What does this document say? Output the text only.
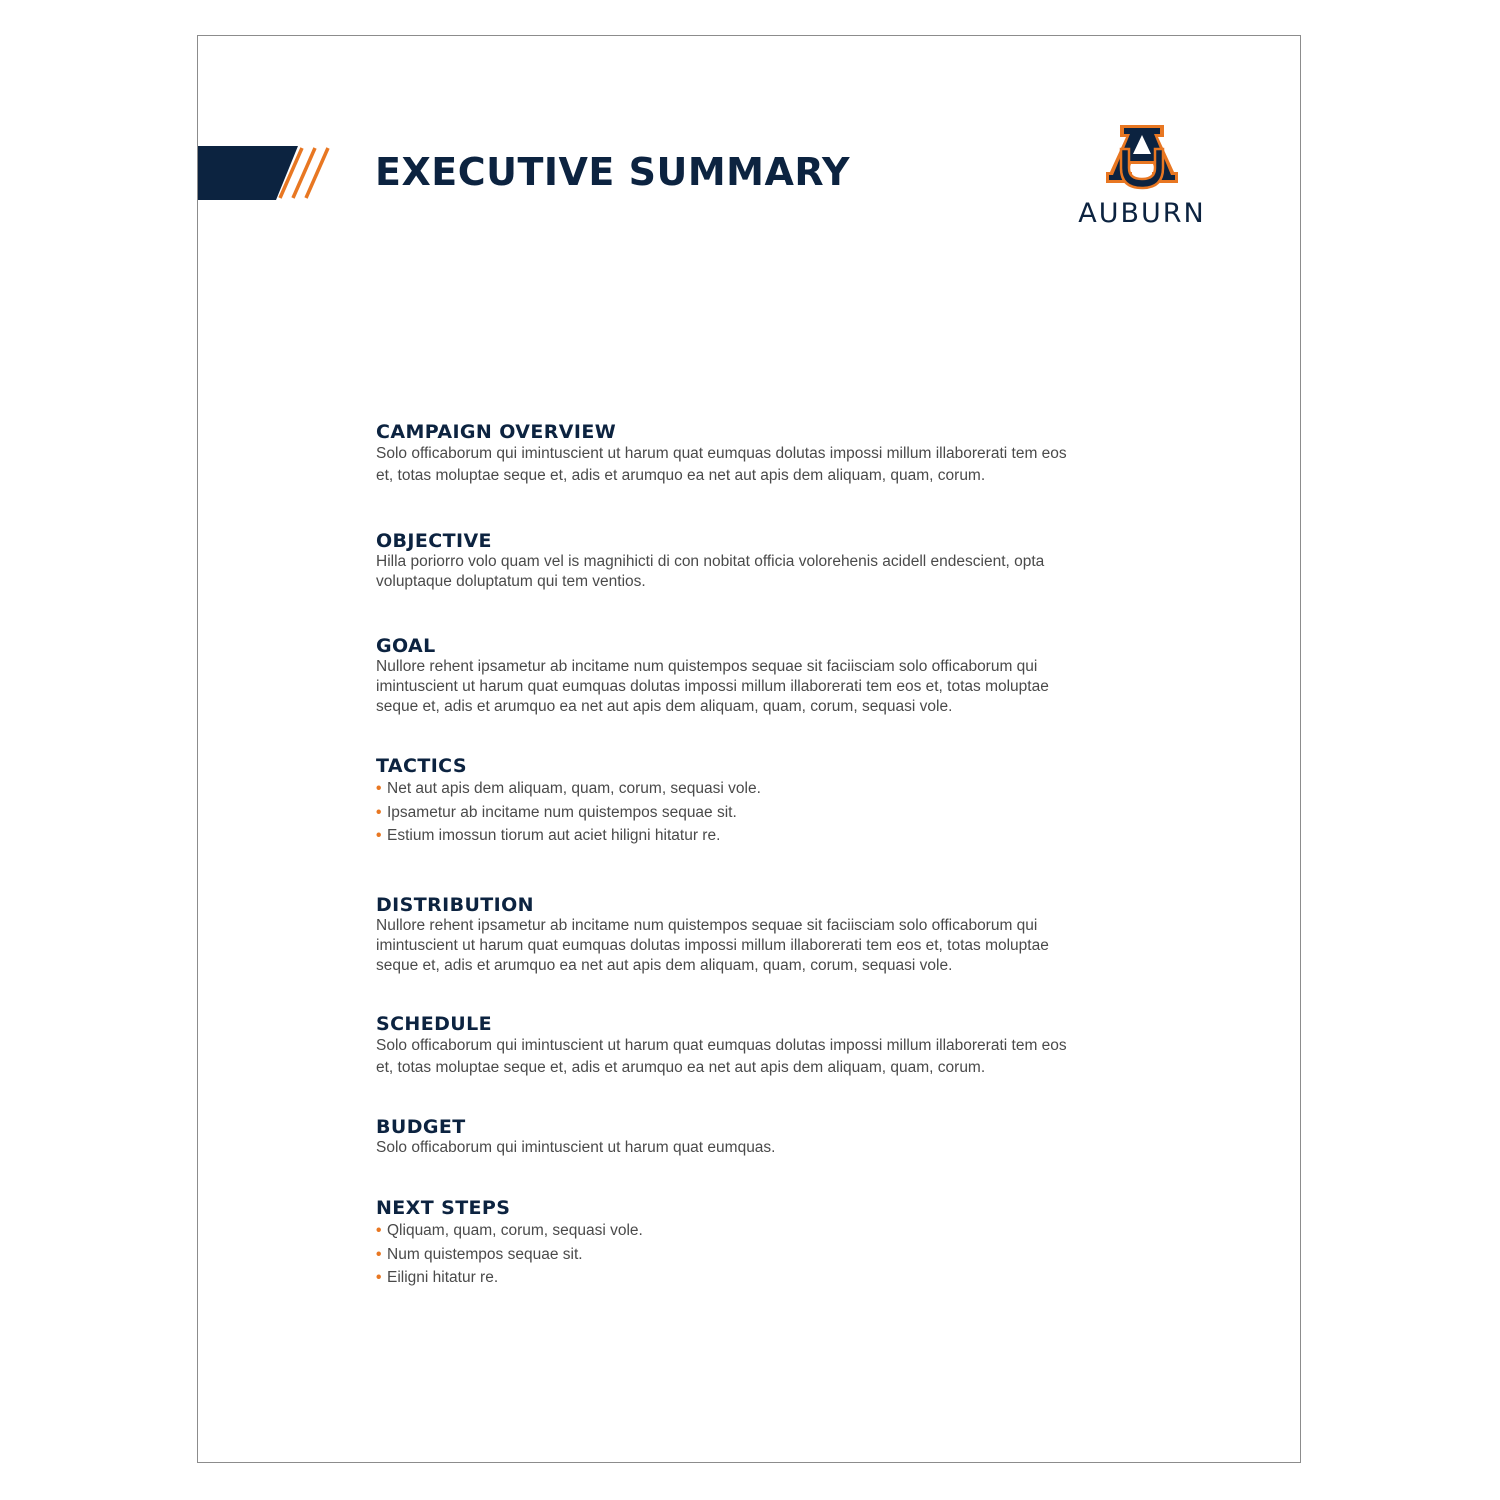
EXECUTIVE SUMMARY
AUBURN
CAMPAIGN OVERVIEW

Solo officaborum qui imintuscient ut harum quat eumquas dolutas impossi millum illaborerati tem eos
et, totas moluptae seque et, adis et arumquo ea net aut apis dem aliquam, quam, corum.

OBJECTIVE

Hilla poriorro volo quam vel is magnihicti di con nobitat officia volorehenis acidell endescient, opta
voluptaque doluptatum qui tem ventios.

GOAL

Nullore rehent ipsametur ab incitame num quistempos sequae sit faciisciam solo officaborum qui
imintuscient ut harum quat eumquas dolutas impossi millum illaborerati tem eos et, totas moluptae
seque et, adis et arumquo ea net aut apis dem aliquam, quam, corum, sequasi vole.

TACTICS
• Net aut apis dem aliquam, quam, corum, sequasi vole.
• Ipsametur ab incitame num quistempos sequae sit.
• Estium imossun tiorum aut aciet hiligni hitatur re.
DISTRIBUTION

Nullore rehent ipsametur ab incitame num quistempos sequae sit faciisciam solo officaborum qui
imintuscient ut harum quat eumquas dolutas impossi millum illaborerati tem eos et, totas moluptae
seque et, adis et arumquo ea net aut apis dem aliquam, quam, corum, sequasi vole.

SCHEDULE

Solo officaborum qui imintuscient ut harum quat eumquas dolutas impossi millum illaborerati tem eos
et, totas moluptae seque et, adis et arumquo ea net aut apis dem aliquam, quam, corum.

BUDGET

Solo officaborum qui imintuscient ut harum quat eumquas.

NEXT STEPS
• Qliquam, quam, corum, sequasi vole.
• Num quistempos sequae sit.
• Eiligni hitatur re.
